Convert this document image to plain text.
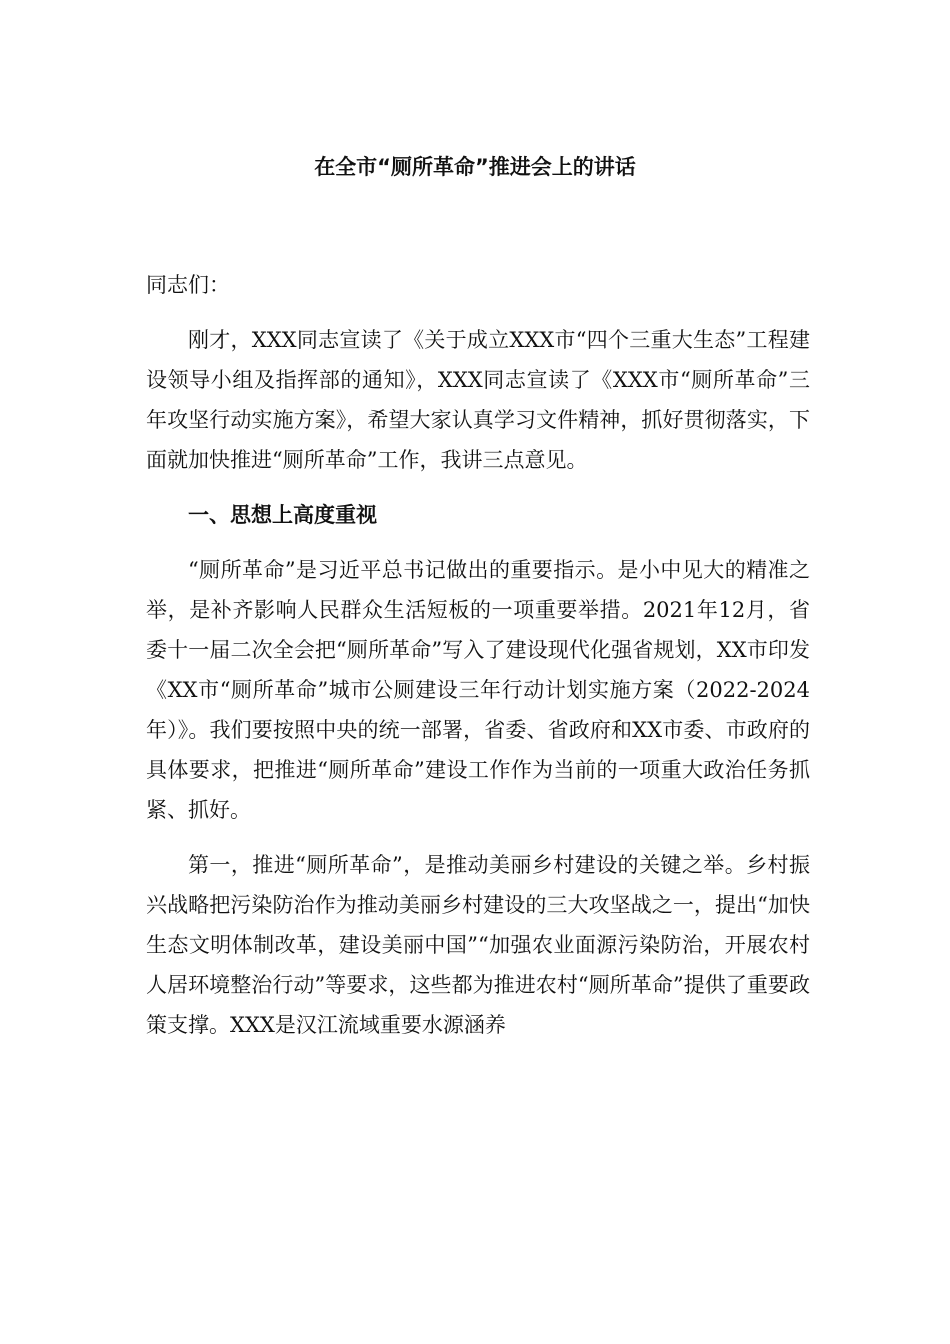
在全市“厕所革命”推进会上的讲话

同志们：

刚才，XXX同志宣读了《关于成立XXX市“四个三重大生态”工程建设领导小组及指挥部的通知》，XXX同志宣读了《XXX市“厕所革命”三年攻坚行动实施方案》，希望大家认真学习文件精神，抓好贯彻落实，下面就加快推进“厕所革命”工作，我讲三点意见。

一、思想上高度重视

“厕所革命”是习近平总书记做出的重要指示。是小中见大的精准之举，是补齐影响人民群众生活短板的一项重要举措。2021年12月，省委十一届二次全会把“厕所革命”写入了建设现代化强省规划，XX市印发《XX市“厕所革命”城市公厕建设三年行动计划实施方案（2022-2024年）》。我们要按照中央的统一部署，省委、省政府和XX市委、市政府的具体要求，把推进“厕所革命”建设工作作为当前的一项重大政治任务抓紧、抓好。

第一，推进“厕所革命”，是推动美丽乡村建设的关键之举。乡村振兴战略把污染防治作为推动美丽乡村建设的三大攻坚战之一，提出“加快生态文明体制改革，建设美丽中国”“加强农业面源污染防治，开展农村人居环境整治行动”等要求，这些都为推进农村“厕所革命”提供了重要政策支撑。XXX是汉江流域重要水源涵养
